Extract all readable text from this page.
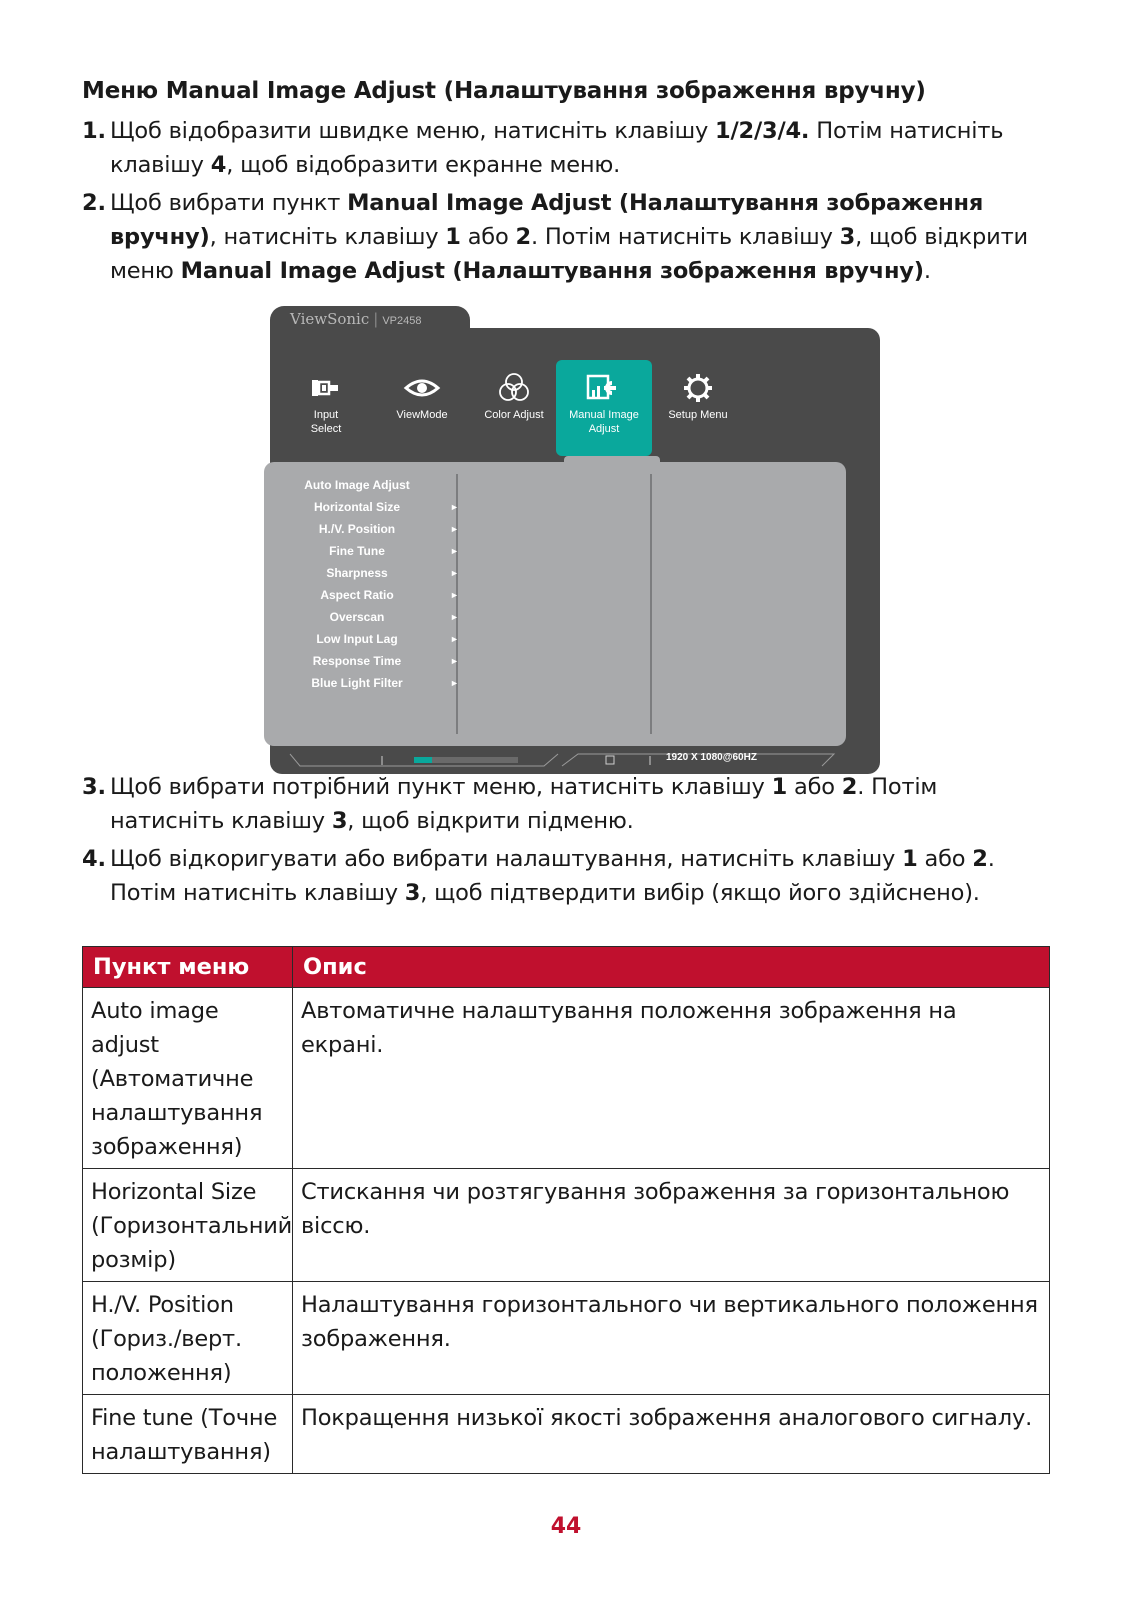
Меню Manual Image Adjust (Налаштування зображення вручну)
1. Щоб відобразити швидке меню, натисніть клавішу 1/2/3/4. Потім натисніть
клавішу 4, щоб відобразити екранне меню.
2. Щоб вибрати пункт Manual Image Adjust (Налаштування зображення
вручну), натисніть клавішу 1 або 2. Потім натисніть клавішу 3, щоб відкрити
меню Manual Image Adjust (Налаштування зображення вручну).
ViewSonic | VP2458
Input
Select
ViewMode	Color Adjust	Manual Image
Adjust
Setup Menu
Auto Image Adjust
Horizontal Size	►
H./V. Position	►
Fine Tune	►
Sharpness	►
Aspect Ratio	►
Overscan	►
Low Input Lag	►
Response Time	►
Blue Light Filter	►
1920 X 1080@60HZ
3. Щоб вибрати потрібний пункт меню, натисніть клавішу 1 або 2. Потім
натисніть клавішу 3, щоб відкрити підменю.
4. Щоб відкоригувати або вибрати налаштування, натисніть клавішу 1 або 2.
Потім натисніть клавішу 3, щоб підтвердити вибір (якщо його здійснено).
Пункт меню	Опис
Auto image adjust (Автоматичне налаштування зображення)	Автоматичне налаштування положення зображення на екрані.
Horizontal Size (Горизонтальний розмір)	Стискання чи розтягування зображення за горизонтальною віссю.
H./V. Position (Гориз./верт. положення)	Налаштування горизонтального чи вертикального положення зображення.
Fine tune (Точне налаштування)	Покращення низької якості зображення аналогового сигналу.
44
